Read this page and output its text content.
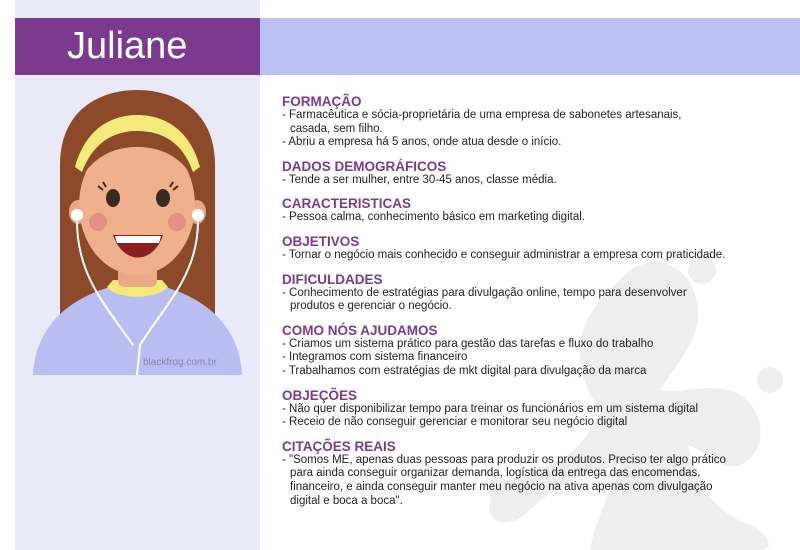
Juliane
blackfrog.com.br
FORMAÇÃO
- Farmacêutica e sócia-proprietária de uma empresa de sabonetes artesanais,
casada, sem filho.
- Abriu a empresa há 5 anos, onde atua desde o início.
DADOS DEMOGRÁFICOS
- Tende a ser mulher, entre 30-45 anos, classe média.
CARACTERISTICAS
- Pessoa calma, conhecimento básico em marketing digital.
OBJETIVOS
- Tornar o negócio mais conhecido e conseguir administrar a empresa com praticidade.
DIFICULDADES
- Conhecimento de estratégias para divulgação online, tempo para desenvolver
produtos e gerenciar o negócio.
COMO NÓS AJUDAMOS
- Criamos um sistema prático para gestão das tarefas e fluxo do trabalho
- Integramos com sistema financeiro
- Trabalhamos com estratégias de mkt digital para divulgação da marca
OBJEÇÕES
- Não quer disponibilizar tempo para treinar os funcionários em um sistema digital
- Receio de não conseguir gerenciar e monitorar seu negócio digital
CITAÇÕES REAIS
- "Somos ME, apenas duas pessoas para produzir os produtos. Preciso ter algo prático
para ainda conseguir organizar demanda, logística da entrega das encomendas,
financeiro, e ainda conseguir manter meu negócio na ativa apenas com divulgação
digital e boca a boca".
